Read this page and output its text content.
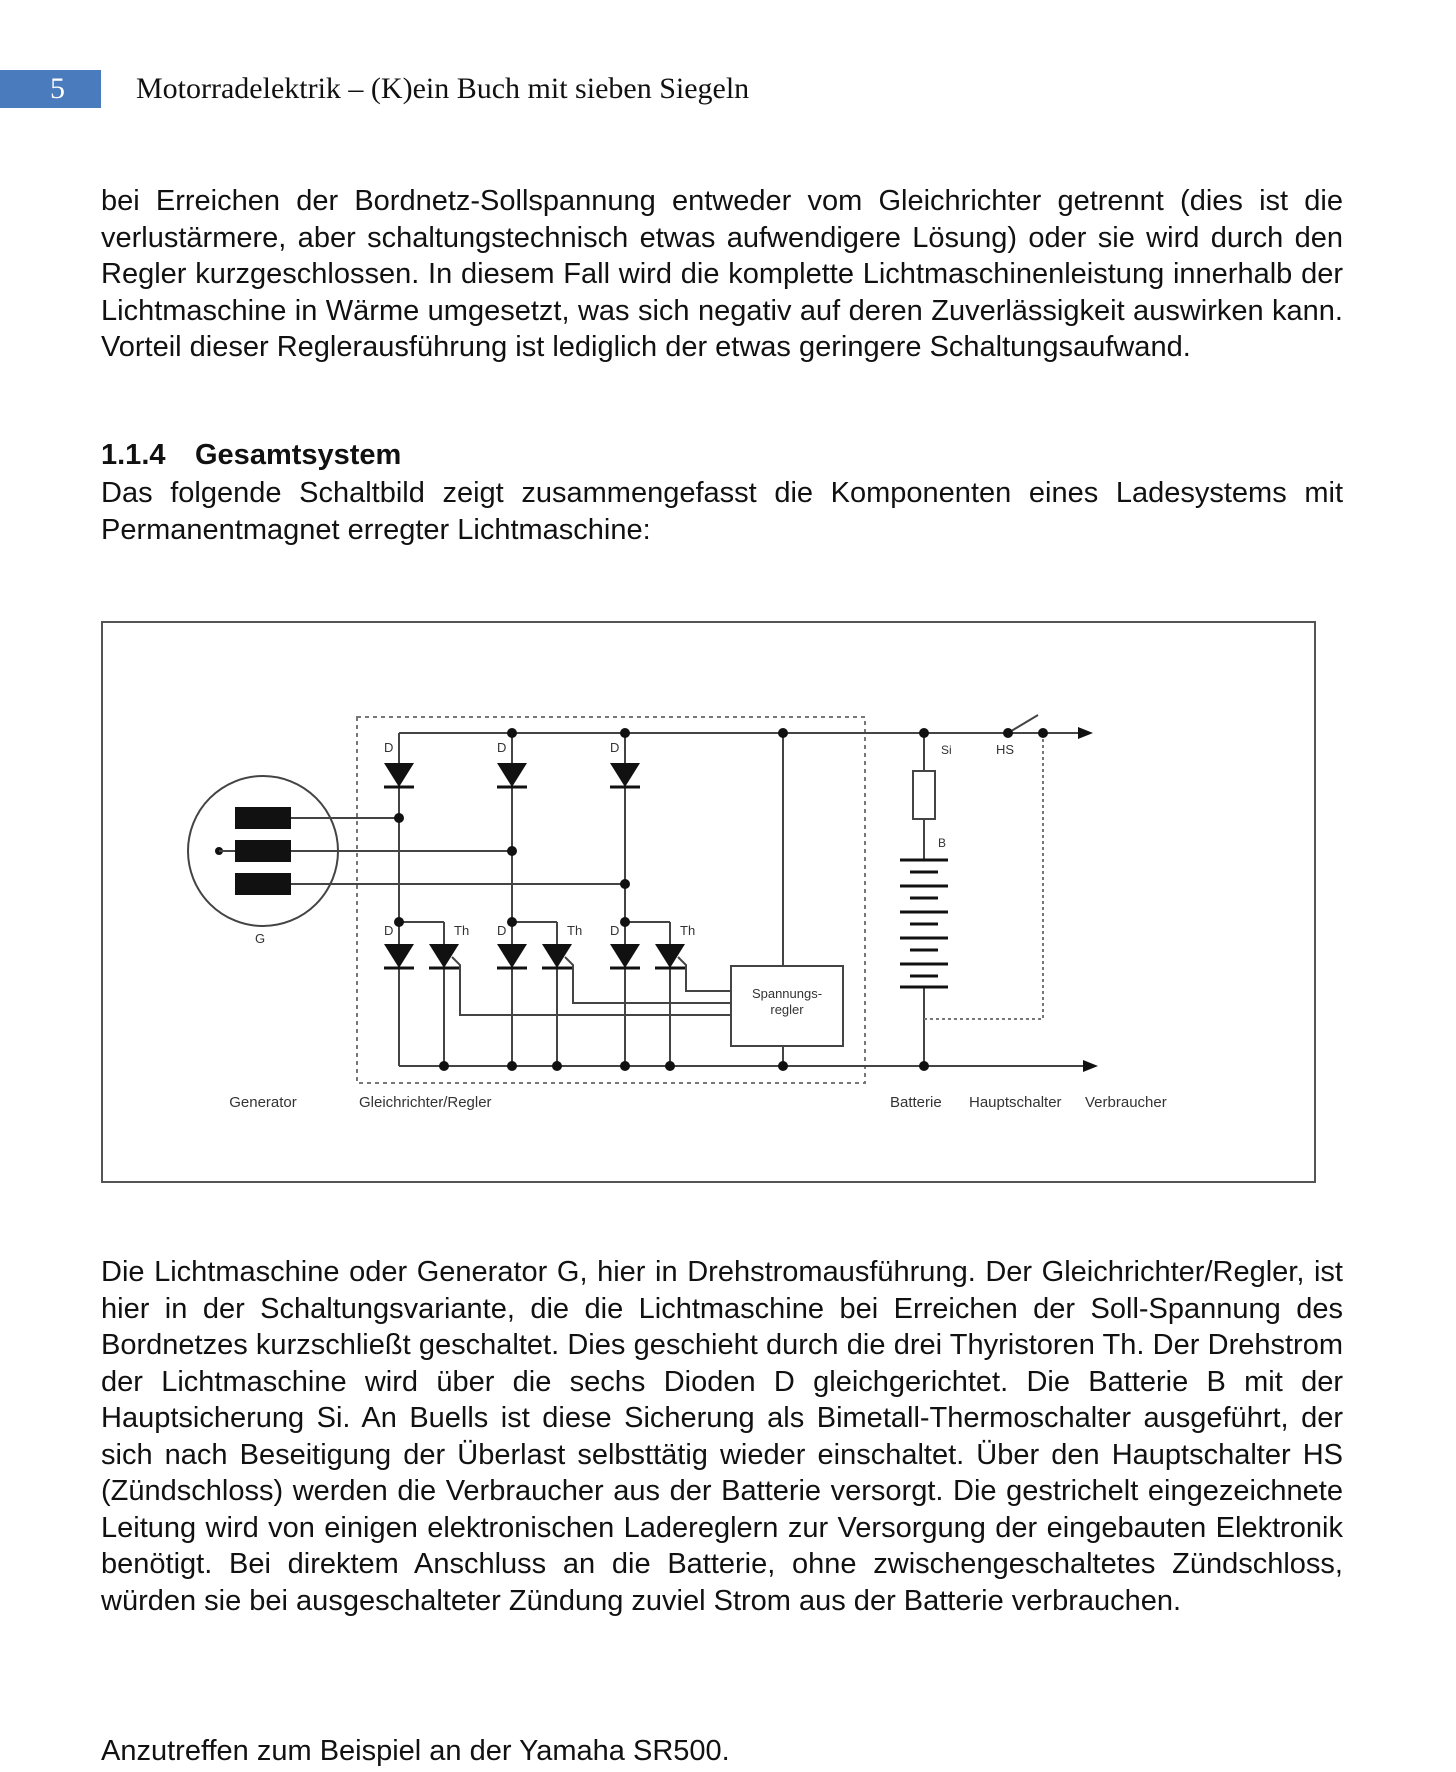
5	Motorradelektrik – (K)ein Buch mit sieben Siegeln

bei Erreichen der Bordnetz-Sollspannung entweder vom Gleichrichter getrennt (dies ist die verlustärmere, aber schaltungstechnisch etwas aufwendigere Lösung) oder sie wird durch den Regler kurzgeschlossen. In diesem Fall wird die komplette Lichtmaschinenleistung innerhalb der Lichtmaschine in Wärme umgesetzt, was sich negativ auf deren Zuverlässigkeit auswirken kann. Vorteil dieser Reglerausführung ist lediglich der etwas geringere Schaltungsaufwand.

1.1.4 Gesamtsystem

Das folgende Schaltbild zeigt zusammengefasst die Komponenten eines Ladesystems mit Permanentmagnet erregter Lichtmaschine:

D	D	D
D	D	D
Th	Th	Th
Si	HS
B
G
Spannungs-
regler
Generator	Gleichrichter/Regler	Batterie Hauptschalter Verbraucher

Die Lichtmaschine oder Generator G, hier in Drehstromausführung. Der Gleichrichter/Regler, ist hier in der Schaltungsvariante, die die Lichtmaschine bei Erreichen der Soll-Spannung des Bordnetzes kurzschließt geschaltet. Dies geschieht durch die drei Thyristoren Th. Der Drehstrom der Lichtmaschine wird über die sechs Dioden D gleichgerichtet. Die Batterie B mit der Hauptsicherung Si. An Buells ist diese Sicherung als Bimetall-Thermoschalter ausgeführt, der sich nach Beseitigung der Überlast selbsttätig wieder einschaltet. Über den Hauptschalter HS (Zündschloss) werden die Verbraucher aus der Batterie versorgt. Die gestrichelt eingezeichnete Leitung wird von einigen elektronischen Ladereglern zur Versorgung der eingebauten Elektronik benötigt. Bei direktem Anschluss an die Batterie, ohne zwischengeschaltetes Zündschloss, würden sie bei ausgeschalteter Zündung zuviel Strom aus der Batterie verbrauchen.

Anzutreffen zum Beispiel an der Yamaha SR500.
